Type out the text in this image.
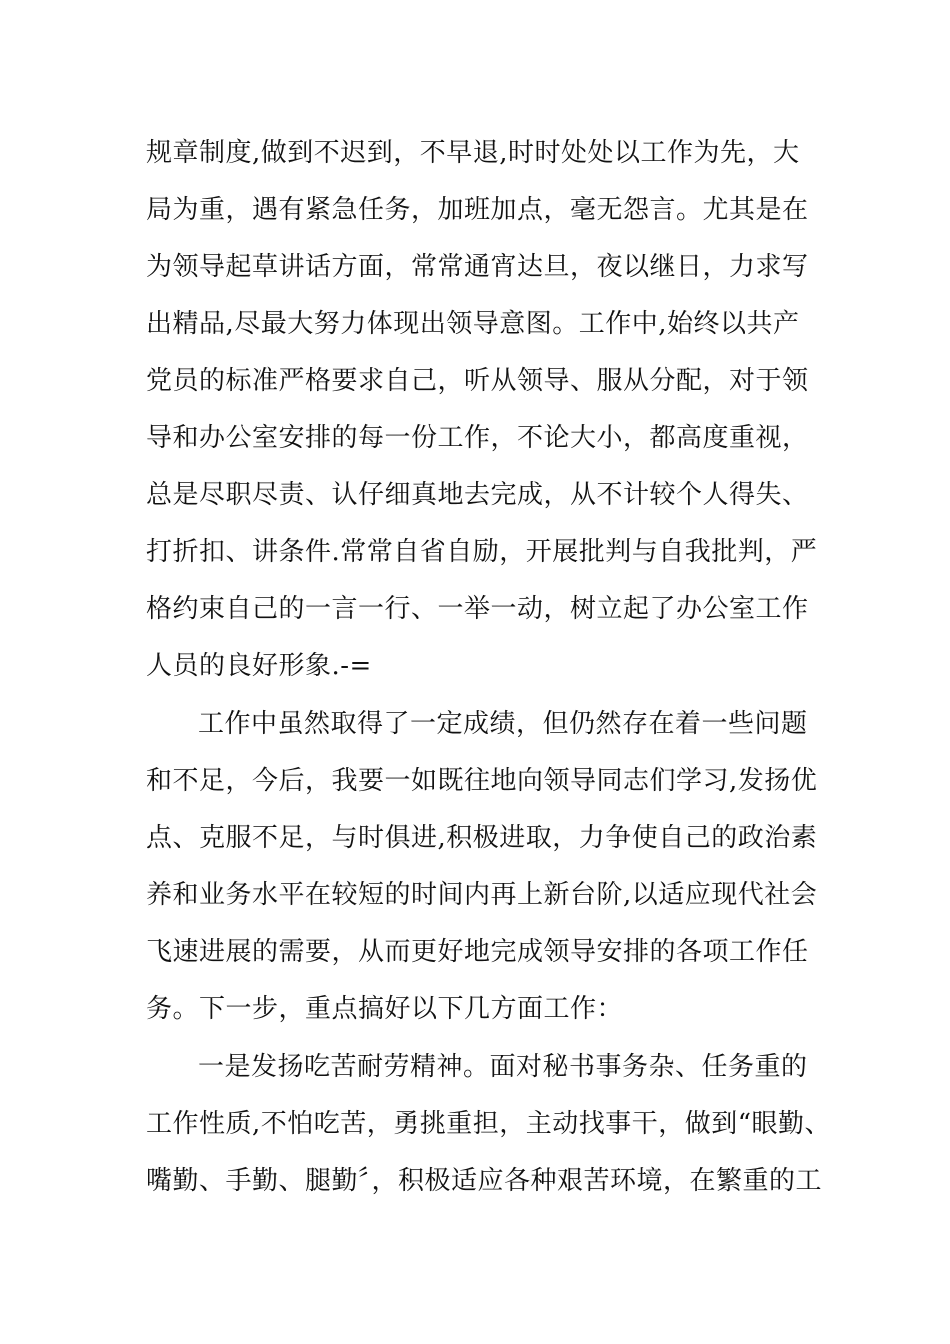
规章制度,做到不迟到，不早退,时时处处以工作为先，大
局为重，遇有紧急任务，加班加点，毫无怨言。尤其是在
为领导起草讲话方面，常常通宵达旦，夜以继日，力求写
出精品,尽最大努力体现出领导意图。工作中,始终以共产
党员的标准严格要求自己，听从领导、服从分配，对于领
导和办公室安排的每一份工作，不论大小，都高度重视，
总是尽职尽责、认仔细真地去完成，从不计较个人得失、
打折扣、讲条件.常常自省自励，开展批判与自我批判，严
格约束自己的一言一行、一举一动，树立起了办公室工作
人员的良好形象.-=
工作中虽然取得了一定成绩，但仍然存在着一些问题
和不足，今后，我要一如既往地向领导同志们学习,发扬优
点、克服不足，与时俱进,积极进取，力争使自己的政治素
养和业务水平在较短的时间内再上新台阶,以适应现代社会
飞速进展的需要，从而更好地完成领导安排的各项工作任
务。下一步，重点搞好以下几方面工作：
一是发扬吃苦耐劳精神。面对秘书事务杂、任务重的
工作性质,不怕吃苦，勇挑重担，主动找事干，做到“眼勤、
嘴勤、手勤、腿勤〞，积极适应各种艰苦环境，在繁重的工
